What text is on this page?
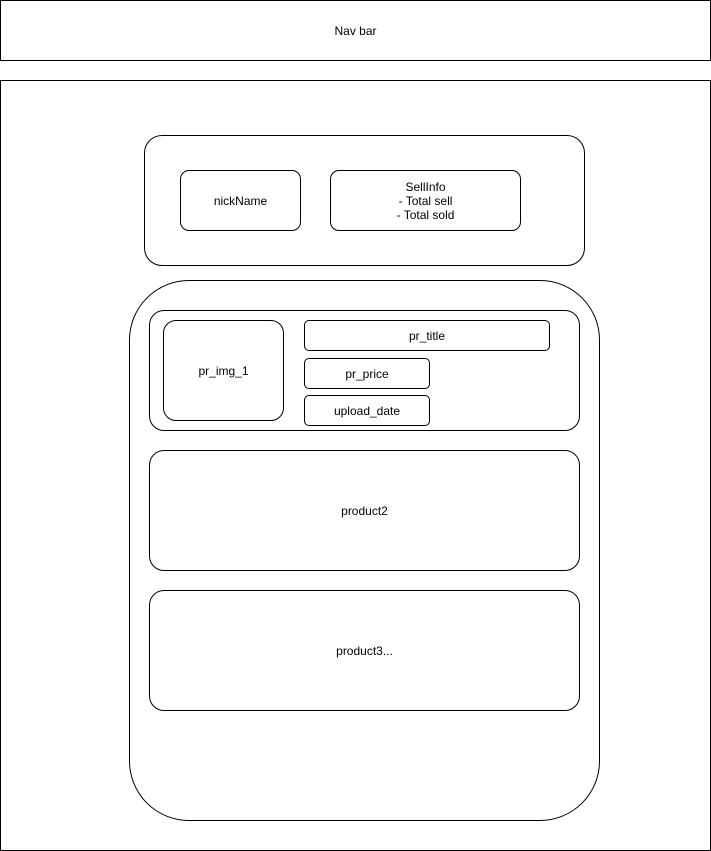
Nav bar
nickName
SellInfo
- Total sell
- Total sold
pr_img_1
pr_title
pr_price
upload_date
product2
product3...
